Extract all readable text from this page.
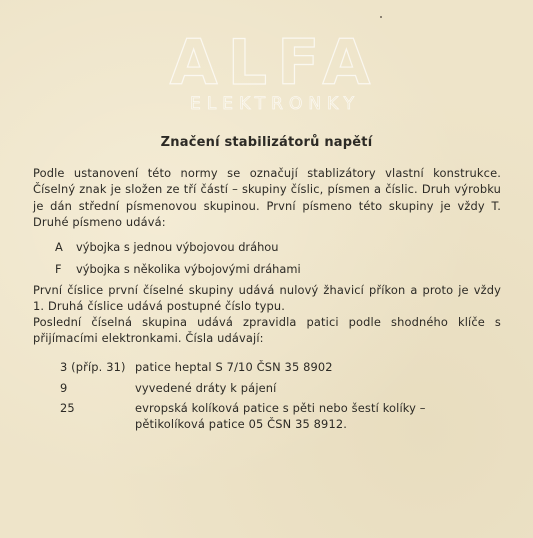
ALFA
ELEKTRONKY
Značení stabilizátorů napětí
Podle ustanovení této normy se označují stablizátory vlastní konstrukce. Číselný znak je složen ze tří částí – skupiny číslic, písmen a číslic. Druh výrobku je dán střední písmenovou skupinou. První písmeno této skupiny je vždy T. Druhé písmeno udává:
A výbojka s jednou výbojovou dráhou
F výbojka s několika výbojovými dráhami
První číslice první číselné skupiny udává nulový žhavicí příkon a proto je vždy 1. Druhá číslice udává postupné číslo typu.
Poslední číselná skupina udává zpravidla patici podle shodného klíče s přijímacími elektronkami. Čísla udávají:
3 (příp. 31) patice heptal S 7/10 ČSN 35 8902
9	vyvedené dráty k pájení
25	evropská kolíková patice s pěti nebo šestí kolíky – pětikolíková patice 05 ČSN 35 8912.
